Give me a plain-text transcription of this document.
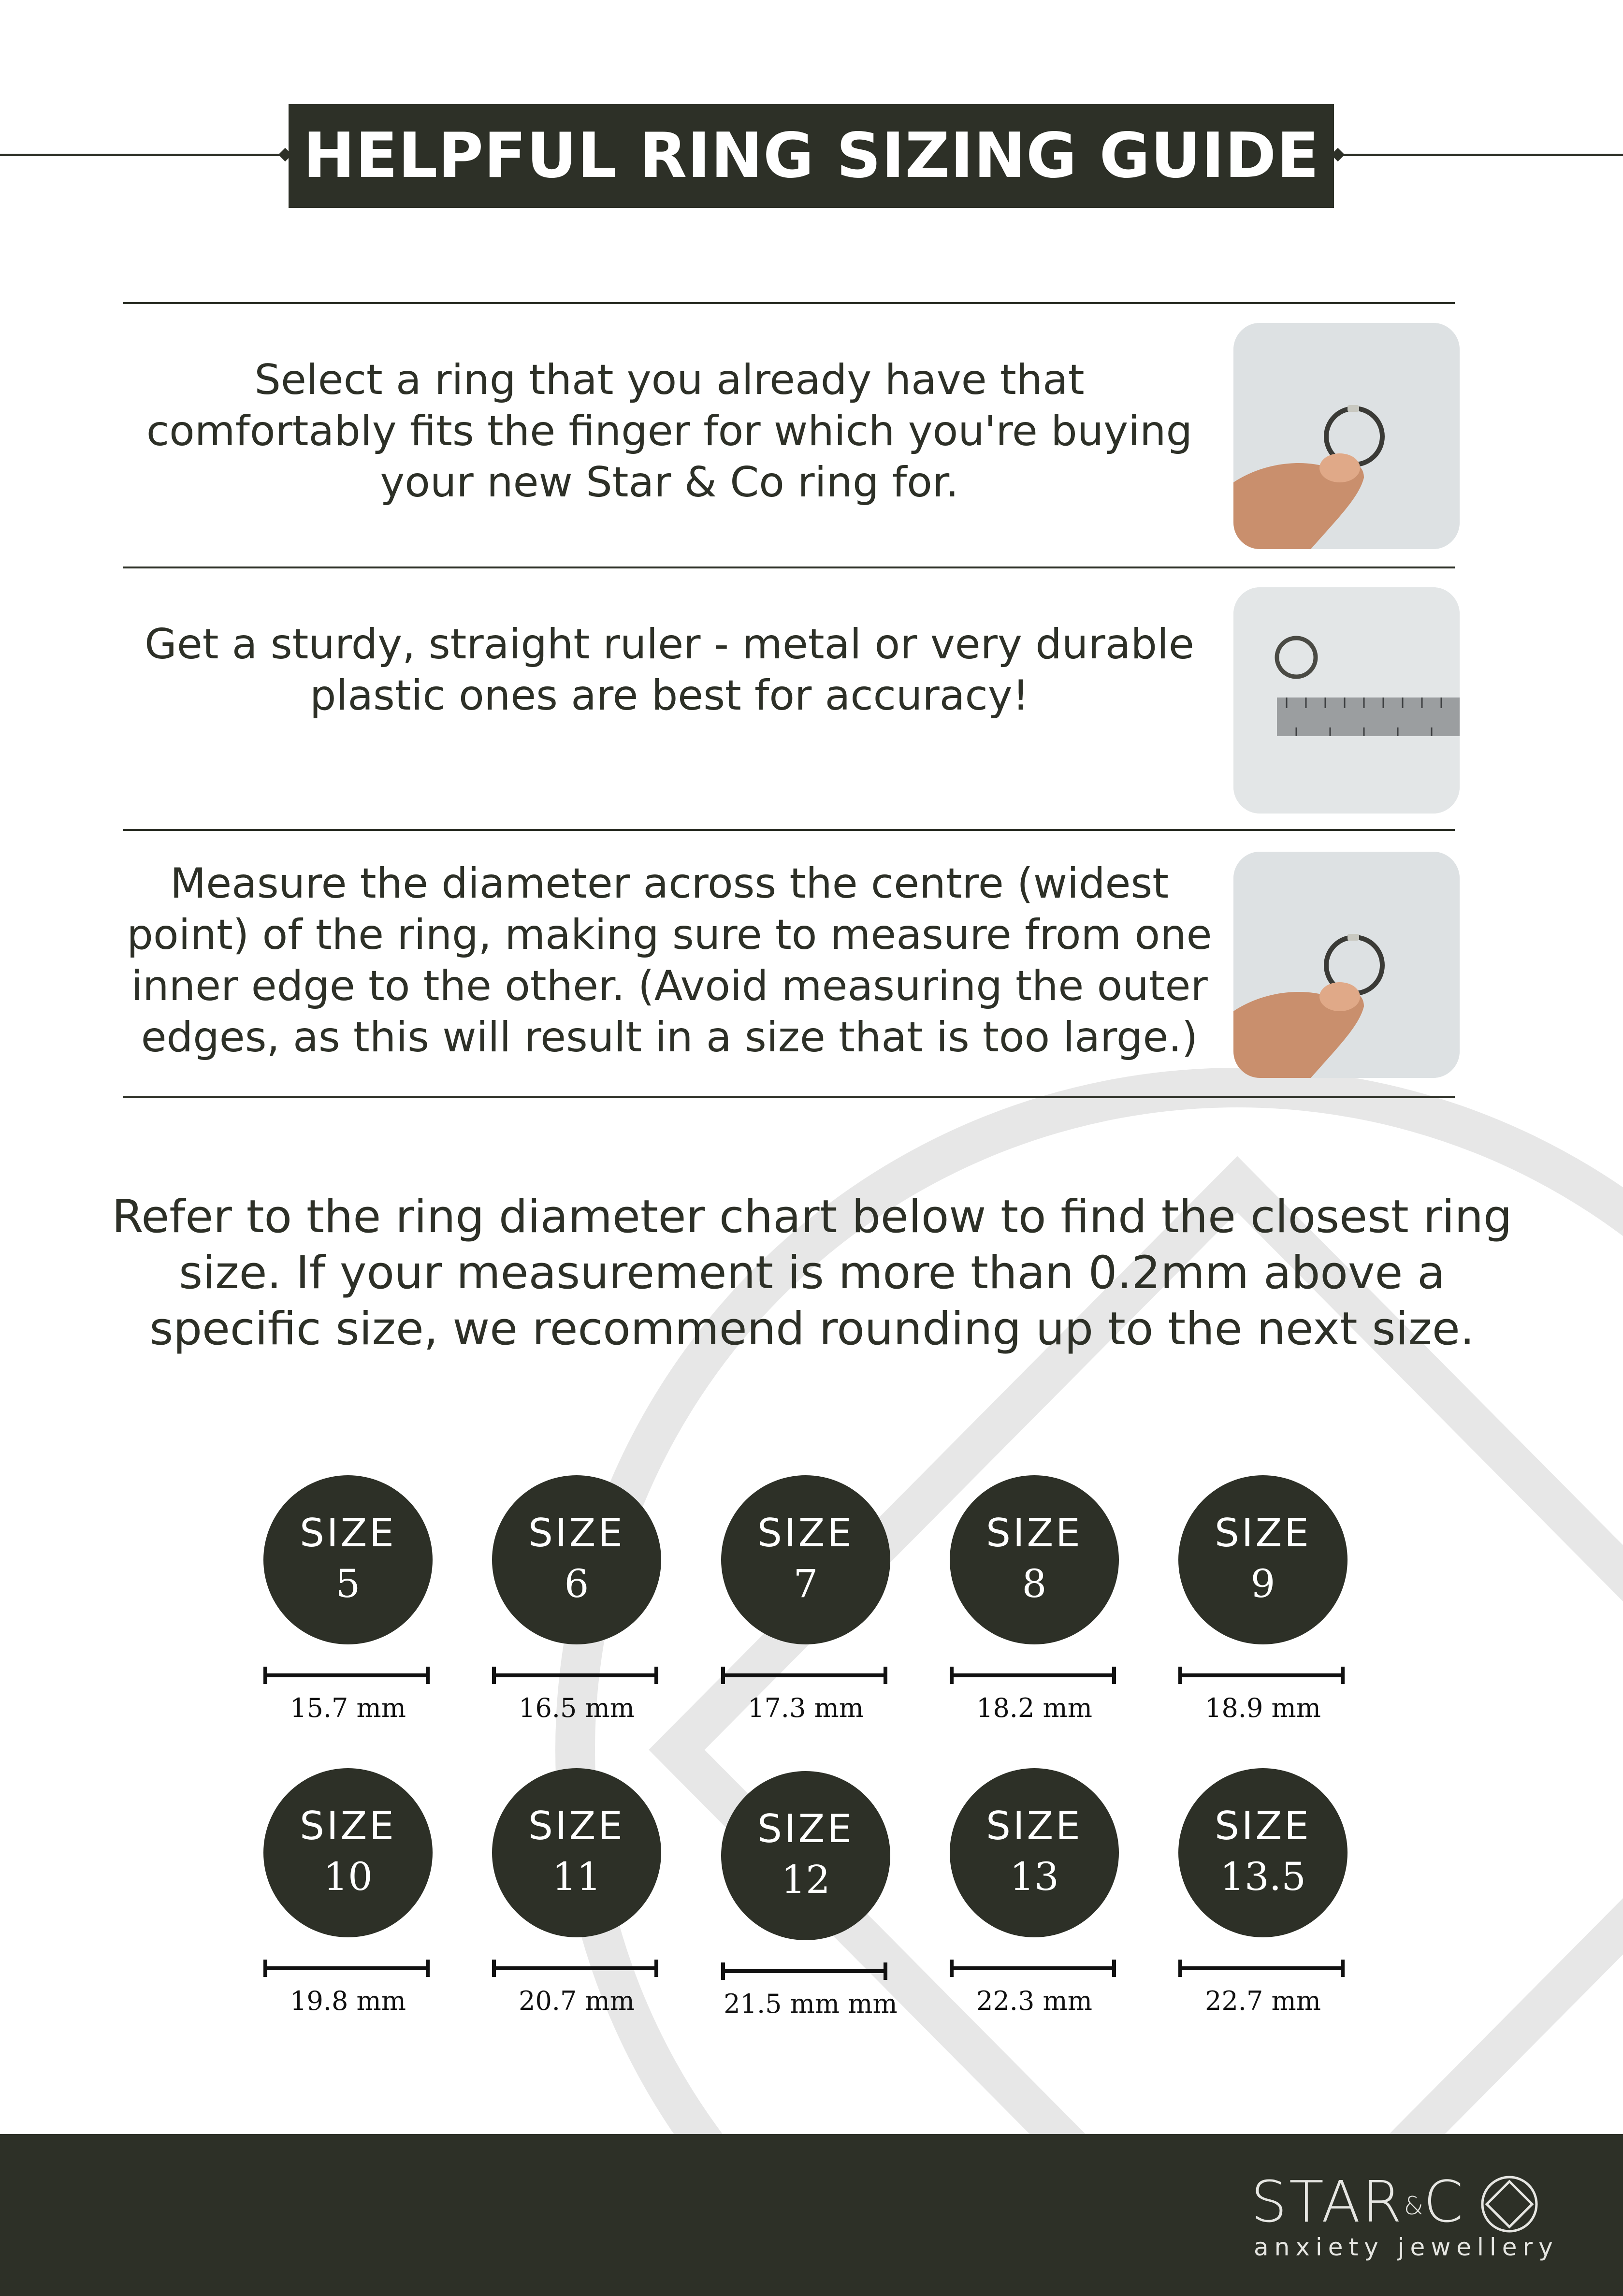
HELPFUL RING SIZING GUIDE
Select a ring that you already have that comfortably fits the finger for which you're buying your new Star & Co ring for.
Get a sturdy, straight ruler - metal or very durable plastic ones are best for accuracy!
Measure the diameter across the centre (widest point) of the ring, making sure to measure from one inner edge to the other. (Avoid measuring the outer edges, as this will result in a size that is too large.)
Refer to the ring diameter chart below to find the closest ring size. If your measurement is more than 0.2mm above a specific size, we recommend rounding up to the next size.
SIZE
5
15.7 mm
SIZE
6
16.5 mm
SIZE
7
17.3 mm
SIZE
8
18.2 mm
SIZE
9
18.9 mm
SIZE
10
19.8 mm
SIZE
11
20.7 mm
SIZE
12
21.5 mm mm
SIZE
13
22.3 mm
SIZE
13.5
22.7 mm
STAR&C
anxiety jewellery
